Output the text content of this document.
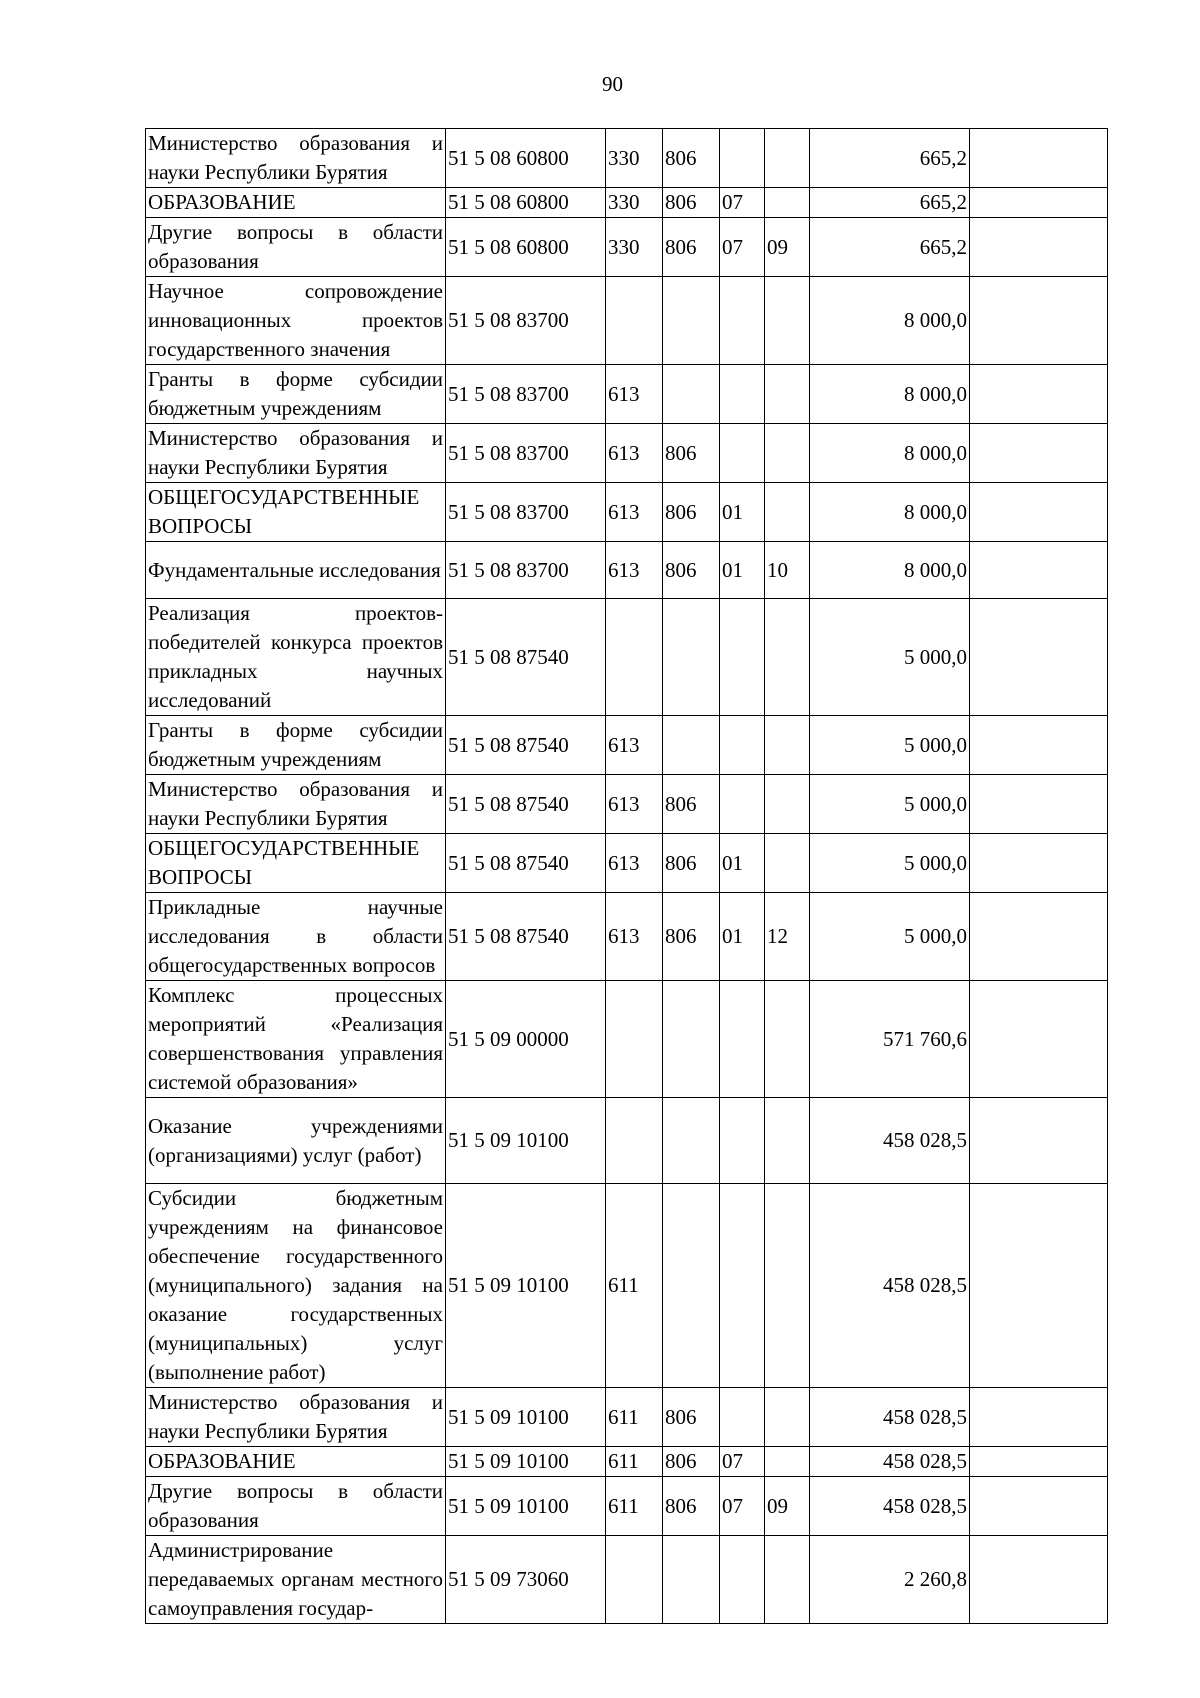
90
Министерство образования и науки Республики Бурятия	51 5 08 60800	330	806			665,2	
ОБРАЗОВАНИЕ	51 5 08 60800	330	806	07		665,2	
Другие вопросы в области образования	51 5 08 60800	330	806	07	09	665,2	
Научное сопровождение инновационных проектов государственного значения	51 5 08 83700					8 000,0	
Гранты в форме субсидии бюджетным учреждениям	51 5 08 83700	613				8 000,0	
Министерство образования и науки Республики Бурятия	51 5 08 83700	613	806			8 000,0	
ОБЩЕГОСУДАРСТВЕННЫЕ ВОПРОСЫ	51 5 08 83700	613	806	01		8 000,0	
Фундаментальные исследования	51 5 08 83700	613	806	01	10	8 000,0	
Реализация проектов-победителей конкурса проектов прикладных научных исследований	51 5 08 87540					5 000,0	
Гранты в форме субсидии бюджетным учреждениям	51 5 08 87540	613				5 000,0	
Министерство образования и науки Республики Бурятия	51 5 08 87540	613	806			5 000,0	
ОБЩЕГОСУДАРСТВЕННЫЕ ВОПРОСЫ	51 5 08 87540	613	806	01		5 000,0	
Прикладные научные исследования в области общегосударственных вопросов	51 5 08 87540	613	806	01	12	5 000,0	
Комплекс процессных мероприятий «Реализация совершенствования управления системой образования»	51 5 09 00000					571 760,6	
Оказание учреждениями (организациями) услуг (работ)	51 5 09 10100					458 028,5	
Субсидии бюджетным учреждениям на финансовое обеспечение государственного (муниципального) задания на оказание государственных (муниципальных) услуг (выполнение работ)	51 5 09 10100	611				458 028,5	
Министерство образования и науки Республики Бурятия	51 5 09 10100	611	806			458 028,5	
ОБРАЗОВАНИЕ	51 5 09 10100	611	806	07		458 028,5	
Другие вопросы в области образования	51 5 09 10100	611	806	07	09	458 028,5	
Администрирование передаваемых органам местного самоуправления государ-	51 5 09 73060					2 260,8	
